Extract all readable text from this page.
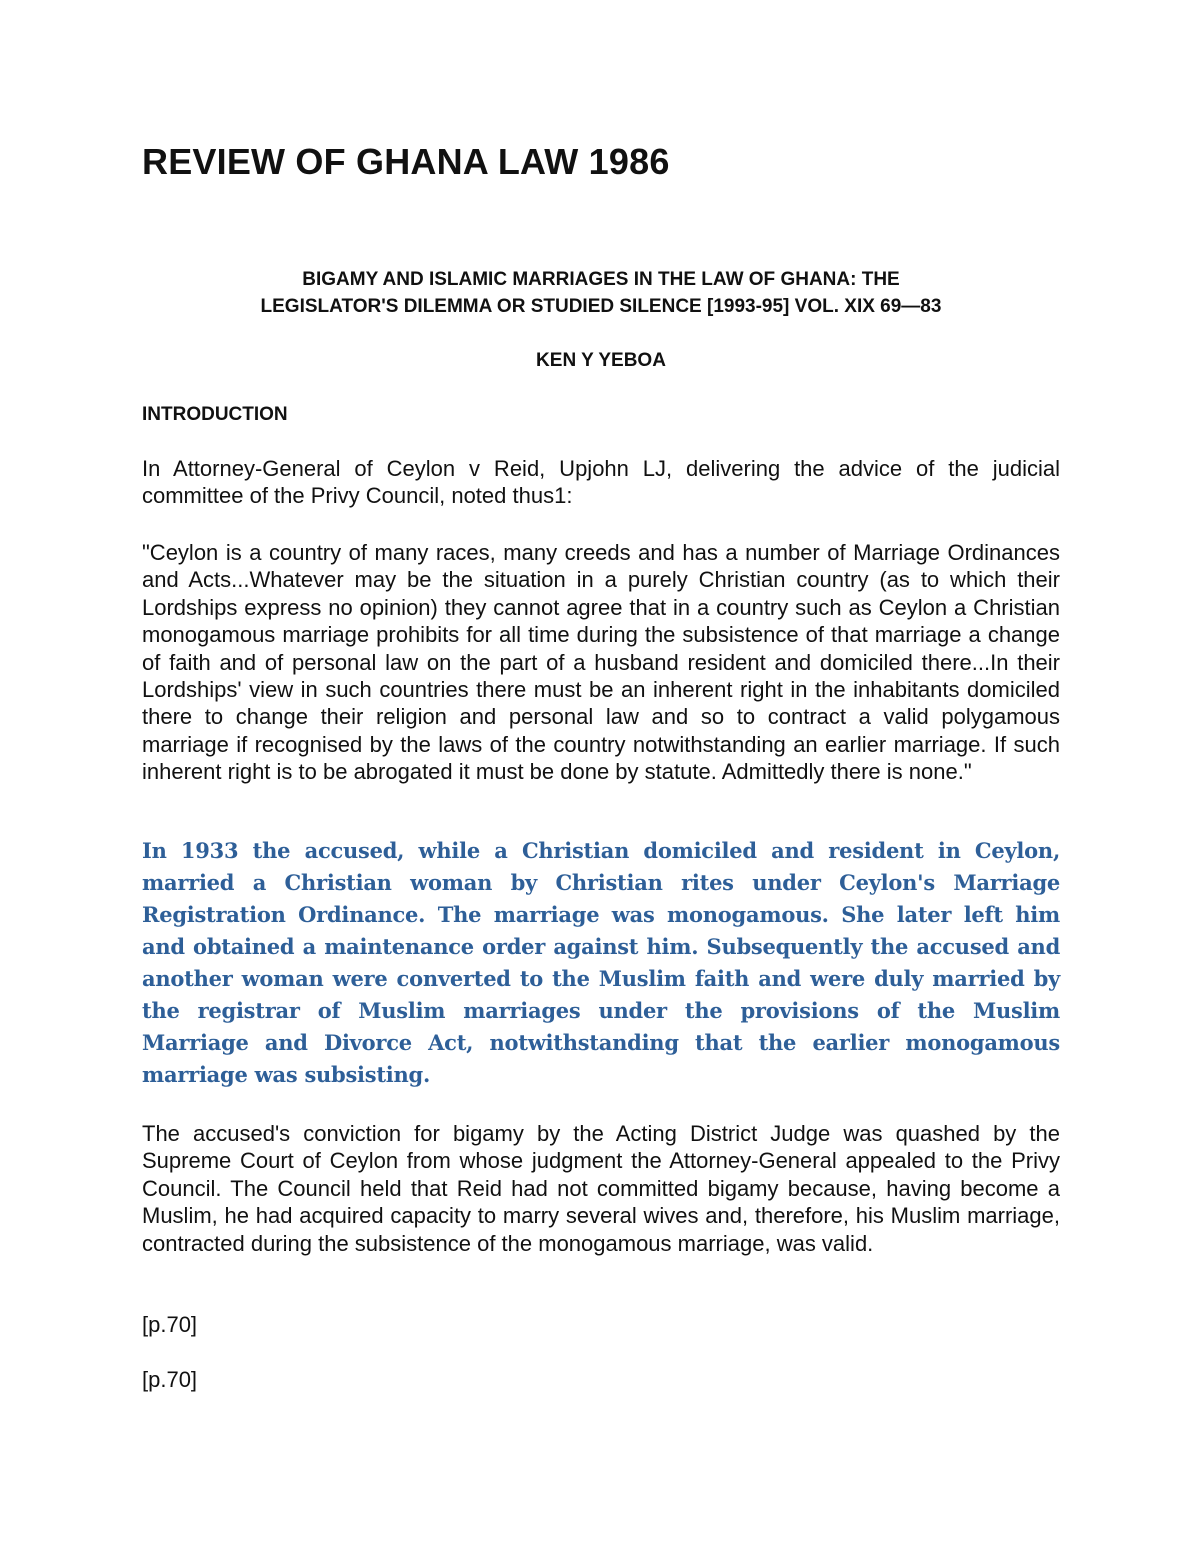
REVIEW OF GHANA LAW 1986
BIGAMY AND ISLAMIC MARRIAGES IN THE LAW OF GHANA: THE
LEGISLATOR'S DILEMMA OR STUDIED SILENCE [1993-95] VOL. XIX 69—83
KEN Y YEBOA
INTRODUCTION

In Attorney-General of Ceylon v Reid, Upjohn LJ, delivering the advice of the judicial committee of the Privy Council, noted thus1:

"Ceylon is a country of many races, many creeds and has a number of Marriage Ordinances and Acts...Whatever may be the situation in a purely Christian country (as to which their Lordships express no opinion) they cannot agree that in a country such as Ceylon a Christian monogamous marriage prohibits for all time during the subsistence of that marriage a change of faith and of personal law on the part of a husband resident and domiciled there...In their Lordships' view in such countries there must be an inherent right in the inhabitants domiciled there to change their religion and personal law and so to contract a valid polygamous marriage if recognised by the laws of the country notwithstanding an earlier marriage. If such inherent right is to be abrogated it must be done by statute. Admittedly there is none."

In 1933 the accused, while a Christian domiciled and resident in Ceylon, married a Christian woman by Christian rites under Ceylon's Marriage Registration Ordinance. The marriage was monogamous. She later left him and obtained a maintenance order against him. Subsequently the accused and another woman were converted to the Muslim faith and were duly married by the registrar of Muslim marriages under the provisions of the Muslim Marriage and Divorce Act, notwithstanding that the earlier monogamous marriage was subsisting.

The accused's conviction for bigamy by the Acting District Judge was quashed by the Supreme Court of Ceylon from whose judgment the Attorney-General appealed to the Privy Council. The Council held that Reid had not committed bigamy because, having become a Muslim, he had acquired capacity to marry several wives and, therefore, his Muslim marriage, contracted during the subsistence of the monogamous marriage, was valid.

[p.70]
[p.70]
